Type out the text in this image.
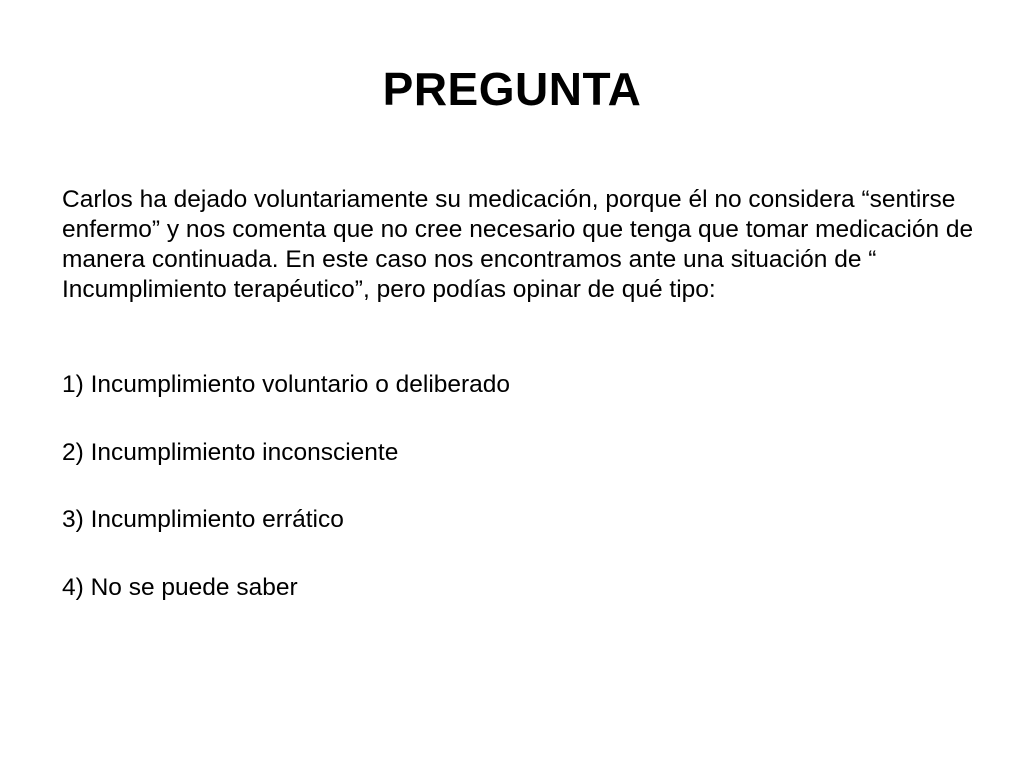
PREGUNTA
Carlos ha dejado voluntariamente su medicación, porque él no considera “sentirse enfermo” y nos comenta que no cree necesario que tenga que tomar medicación de manera continuada. En este caso nos encontramos ante una situación de “ Incumplimiento terapéutico”, pero podías opinar de qué tipo:
1) Incumplimiento voluntario o deliberado
2) Incumplimiento inconsciente
3) Incumplimiento errático
4) No se puede saber
